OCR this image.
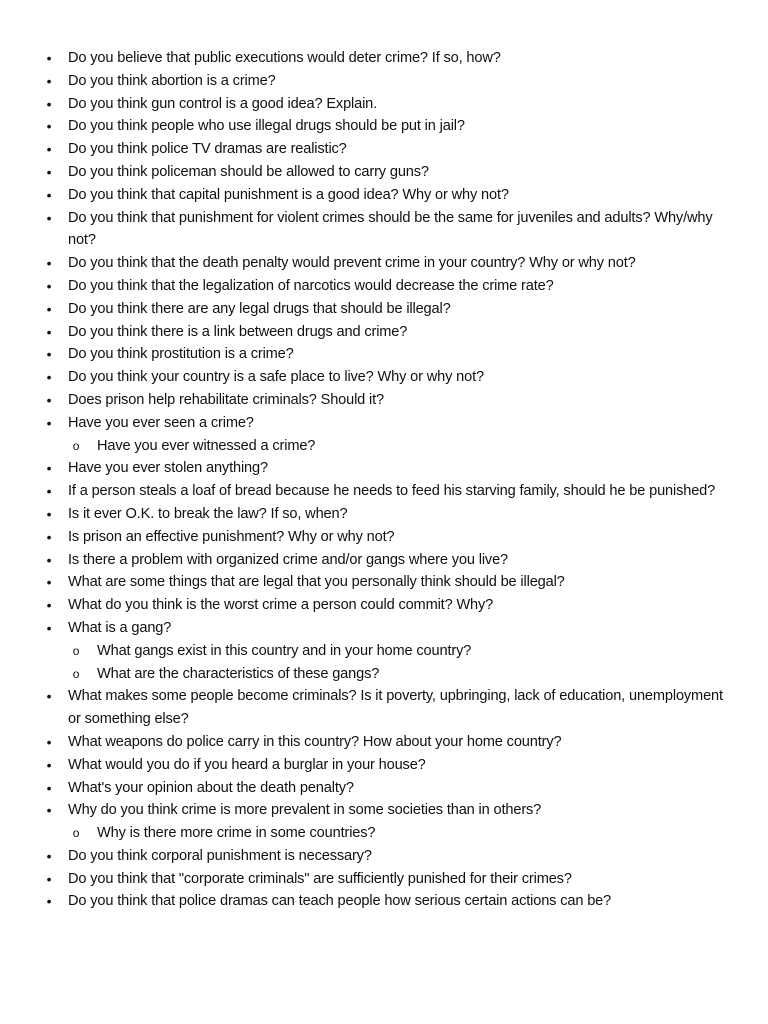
• Do you believe that public executions would deter crime? If so, how?
• Do you think abortion is a crime?
• Do you think gun control is a good idea? Explain.
• Do you think people who use illegal drugs should be put in jail?
• Do you think police TV dramas are realistic?
• Do you think policeman should be allowed to carry guns?
• Do you think that capital punishment is a good idea? Why or why not?
• Do you think that punishment for violent crimes should be the same for juveniles and adults? Why/why not?
• Do you think that the death penalty would prevent crime in your country? Why or why not?
• Do you think that the legalization of narcotics would decrease the crime rate?
• Do you think there are any legal drugs that should be illegal?
• Do you think there is a link between drugs and crime?
• Do you think prostitution is a crime?
• Do you think your country is a safe place to live? Why or why not?
• Does prison help rehabilitate criminals? Should it?
• Have you ever seen a crime?
o Have you ever witnessed a crime?
• Have you ever stolen anything?
• If a person steals a loaf of bread because he needs to feed his starving family, should he be punished?
• Is it ever O.K. to break the law? If so, when?
• Is prison an effective punishment? Why or why not?
• Is there a problem with organized crime and/or gangs where you live?
• What are some things that are legal that you personally think should be illegal?
• What do you think is the worst crime a person could commit? Why?
• What is a gang?
o What gangs exist in this country and in your home country?
o What are the characteristics of these gangs?
• What makes some people become criminals? Is it poverty, upbringing, lack of education, unemployment or something else?
• What weapons do police carry in this country? How about your home country?
• What would you do if you heard a burglar in your house?
• What's your opinion about the death penalty?
• Why do you think crime is more prevalent in some societies than in others?
o Why is there more crime in some countries?
• Do you think corporal punishment is necessary?
• Do you think that "corporate criminals" are sufficiently punished for their crimes?
• Do you think that police dramas can teach people how serious certain actions can be?
